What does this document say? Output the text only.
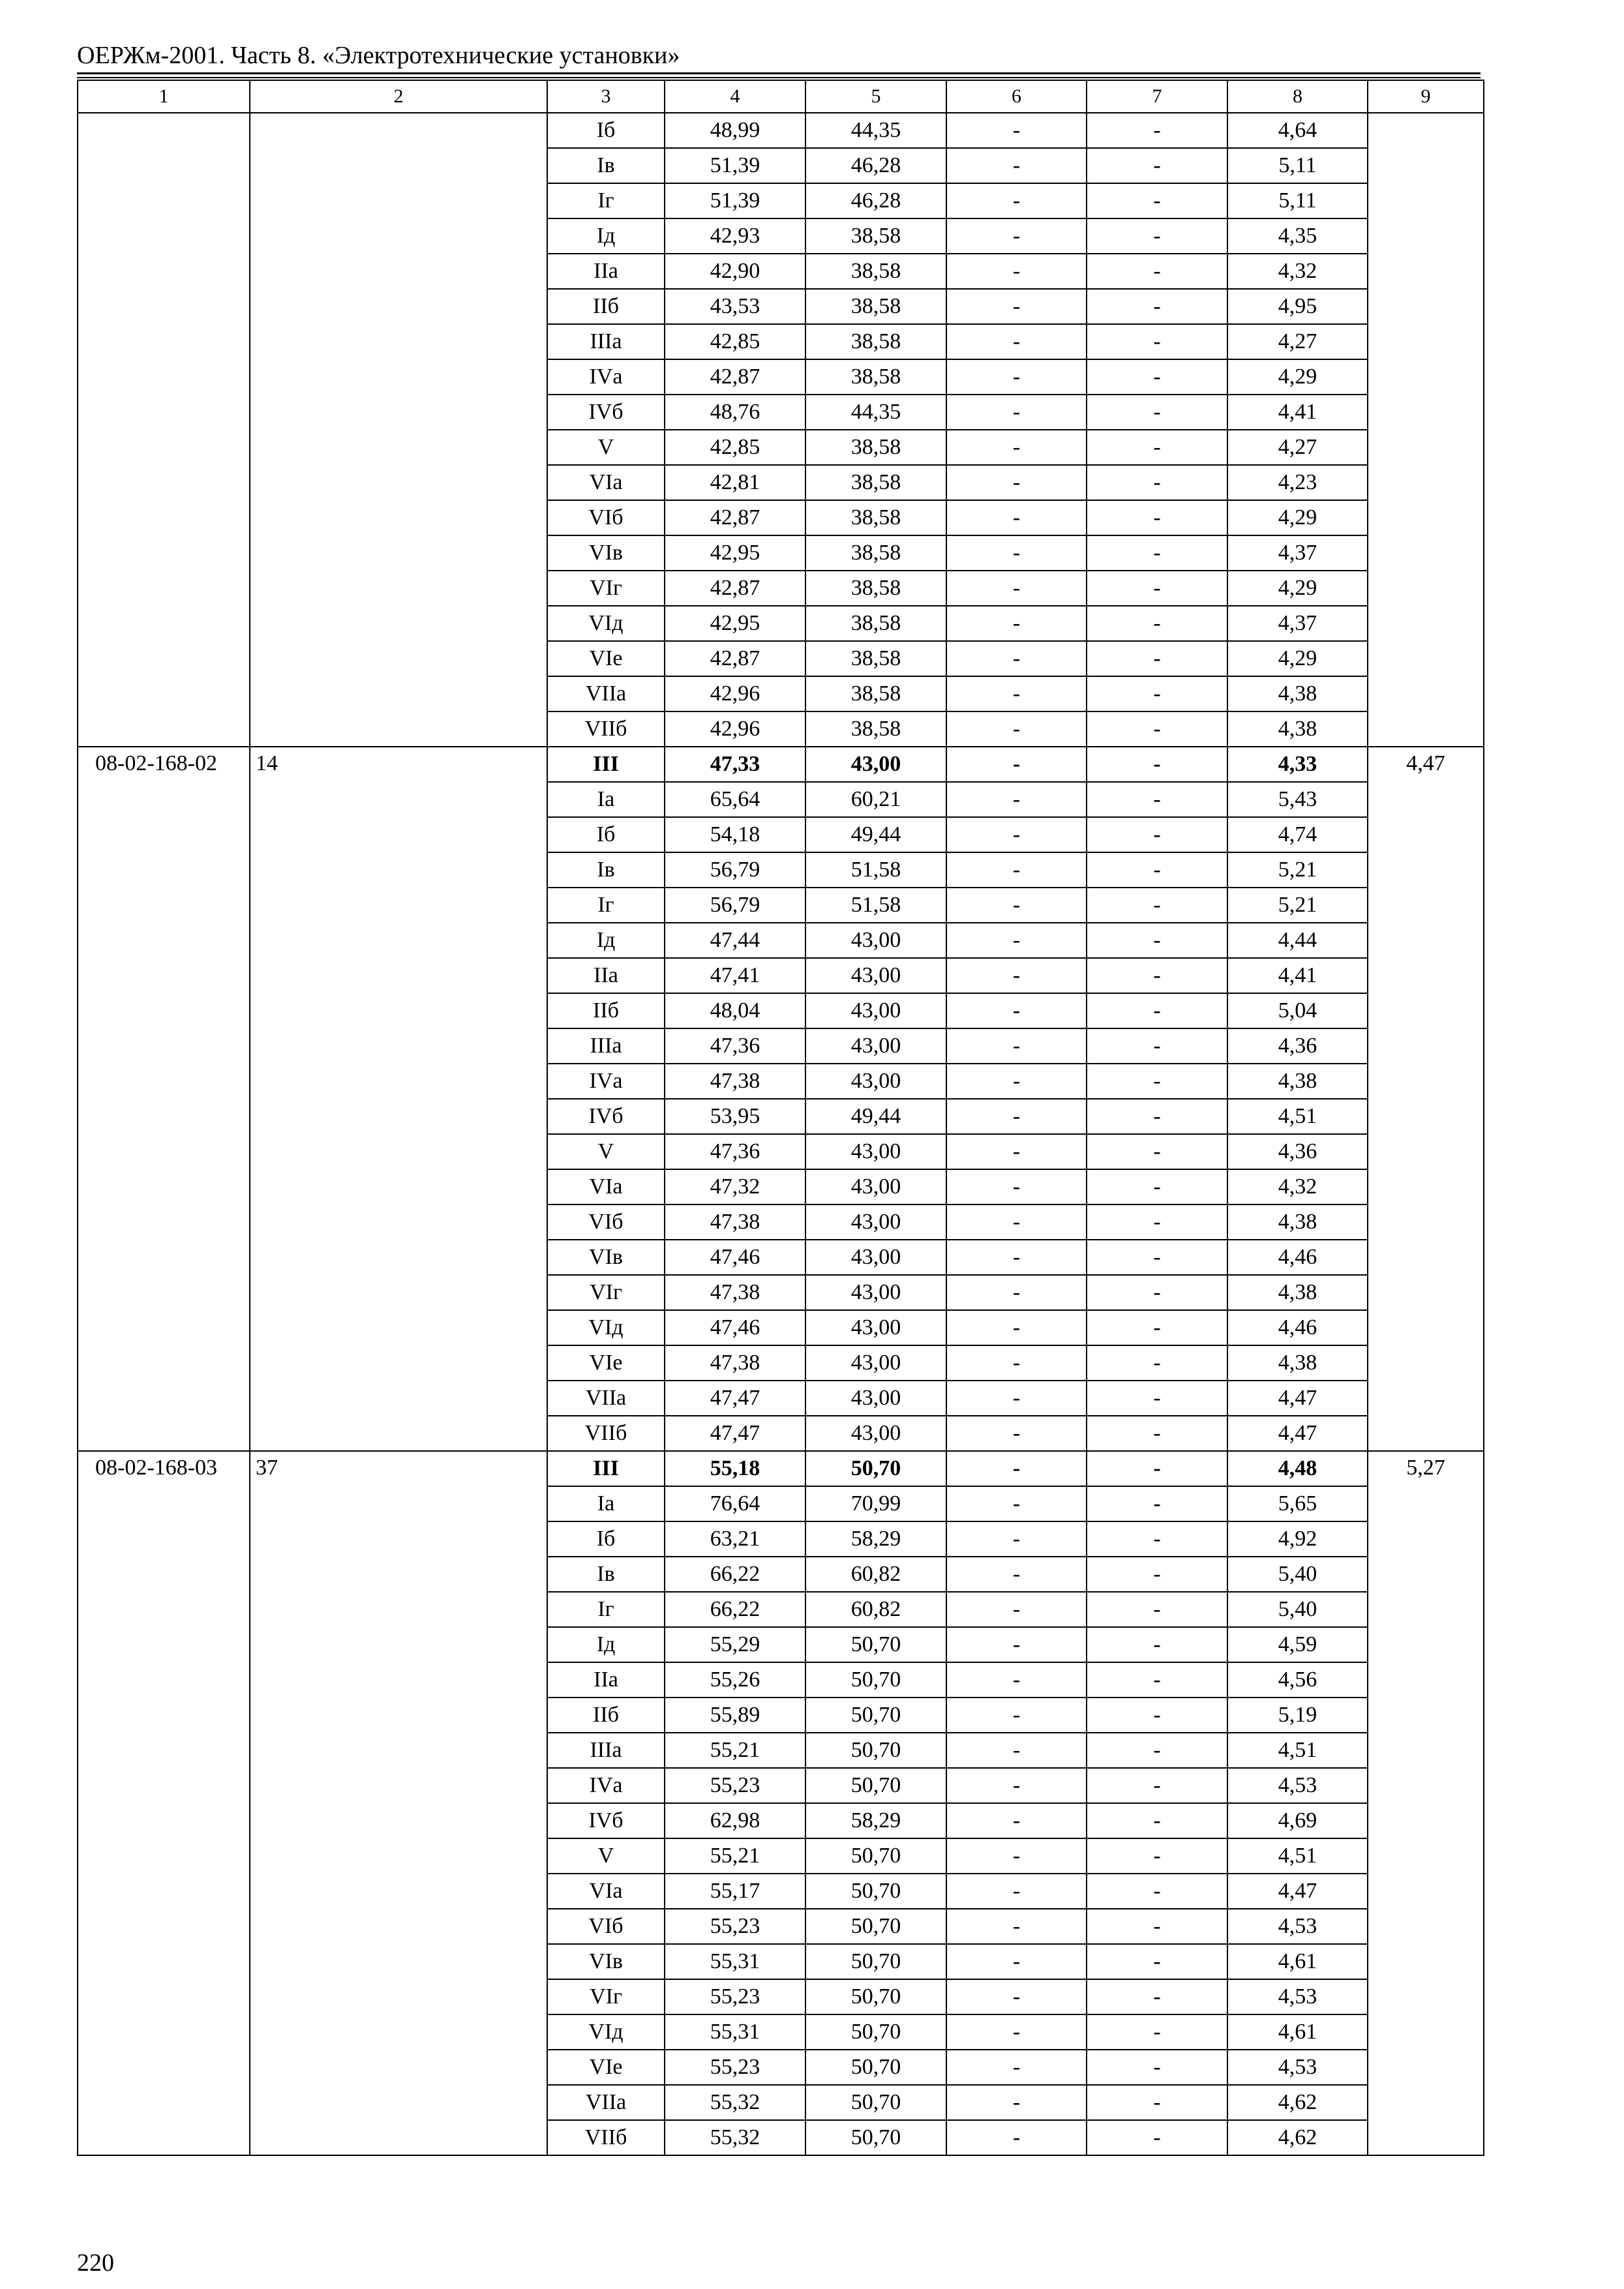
ОЕРЖм-2001. Часть 8. «Электротехнические установки»
1	2	3	4	5	6	7	8	9
		Iб	48,99	44,35	-	-	4,64	
		Iв	51,39	46,28	-	-	5,11	
		Iг	51,39	46,28	-	-	5,11	
		Iд	42,93	38,58	-	-	4,35	
		IIа	42,90	38,58	-	-	4,32	
		IIб	43,53	38,58	-	-	4,95	
		IIIа	42,85	38,58	-	-	4,27	
		IVа	42,87	38,58	-	-	4,29	
		IVб	48,76	44,35	-	-	4,41	
		V	42,85	38,58	-	-	4,27	
		VIа	42,81	38,58	-	-	4,23	
		VIб	42,87	38,58	-	-	4,29	
		VIв	42,95	38,58	-	-	4,37	
		VIг	42,87	38,58	-	-	4,29	
		VIд	42,95	38,58	-	-	4,37	
		VIе	42,87	38,58	-	-	4,29	
		VIIа	42,96	38,58	-	-	4,38	
		VIIб	42,96	38,58	-	-	4,38	
08-02-168-02	14	III	47,33	43,00	-	-	4,33	4,47
		Iа	65,64	60,21	-	-	5,43	
		Iб	54,18	49,44	-	-	4,74	
		Iв	56,79	51,58	-	-	5,21	
		Iг	56,79	51,58	-	-	5,21	
		Iд	47,44	43,00	-	-	4,44	
		IIа	47,41	43,00	-	-	4,41	
		IIб	48,04	43,00	-	-	5,04	
		IIIа	47,36	43,00	-	-	4,36	
		IVа	47,38	43,00	-	-	4,38	
		IVб	53,95	49,44	-	-	4,51	
		V	47,36	43,00	-	-	4,36	
		VIа	47,32	43,00	-	-	4,32	
		VIб	47,38	43,00	-	-	4,38	
		VIв	47,46	43,00	-	-	4,46	
		VIг	47,38	43,00	-	-	4,38	
		VIд	47,46	43,00	-	-	4,46	
		VIе	47,38	43,00	-	-	4,38	
		VIIа	47,47	43,00	-	-	4,47	
		VIIб	47,47	43,00	-	-	4,47	
08-02-168-03	37	III	55,18	50,70	-	-	4,48	5,27
		Iа	76,64	70,99	-	-	5,65	
		Iб	63,21	58,29	-	-	4,92	
		Iв	66,22	60,82	-	-	5,40	
		Iг	66,22	60,82	-	-	5,40	
		Iд	55,29	50,70	-	-	4,59	
		IIа	55,26	50,70	-	-	4,56	
		IIб	55,89	50,70	-	-	5,19	
		IIIа	55,21	50,70	-	-	4,51	
		IVа	55,23	50,70	-	-	4,53	
		IVб	62,98	58,29	-	-	4,69	
		V	55,21	50,70	-	-	4,51	
		VIа	55,17	50,70	-	-	4,47	
		VIб	55,23	50,70	-	-	4,53	
		VIв	55,31	50,70	-	-	4,61	
		VIг	55,23	50,70	-	-	4,53	
		VIд	55,31	50,70	-	-	4,61	
		VIе	55,23	50,70	-	-	4,53	
		VIIа	55,32	50,70	-	-	4,62	
		VIIб	55,32	50,70	-	-	4,62	
220
